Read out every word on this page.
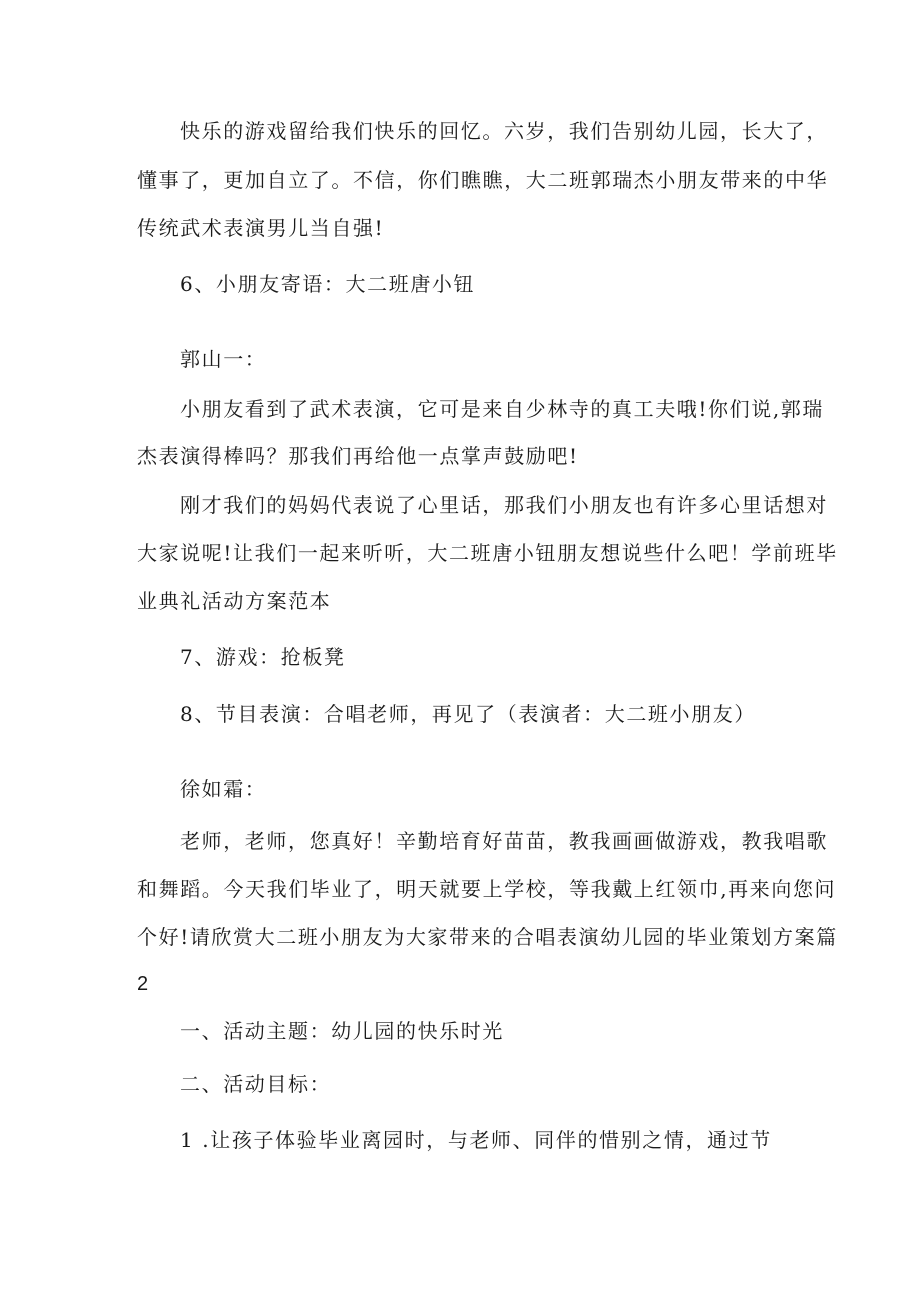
快乐的游戏留给我们快乐的回忆。六岁，我们告别幼儿园，长大了，
懂事了，更加自立了。不信，你们瞧瞧，大二班郭瑞杰小朋友带来的中华
传统武术表演男儿当自强!
6、小朋友寄语：大二班唐小钮
郭山一：
小朋友看到了武术表演，它可是来自少林寺的真工夫哦!你们说,郭瑞
杰表演得棒吗？那我们再给他一点掌声鼓励吧!
刚才我们的妈妈代表说了心里话，那我们小朋友也有许多心里话想对
大家说呢!让我们一起来听听，大二班唐小钮朋友想说些什么吧！学前班毕
业典礼活动方案范本
7、游戏：抢板凳
8、节目表演：合唱老师，再见了（表演者：大二班小朋友）
徐如霜：
老师，老师，您真好！辛勤培育好苗苗，教我画画做游戏，教我唱歌
和舞蹈。今天我们毕业了，明天就要上学校，等我戴上红领巾,再来向您问
个好!请欣赏大二班小朋友为大家带来的合唱表演幼儿园的毕业策划方案篇
2
一、活动主题：幼儿园的快乐时光
二、活动目标：
1 .让孩子体验毕业离园时，与老师、同伴的惜别之情，通过节
